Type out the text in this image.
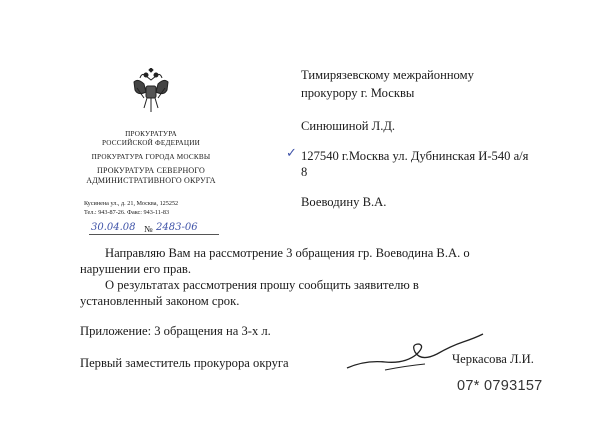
ПРОКУРАТУРА
РОССИЙСКОЙ ФЕДЕРАЦИИ
ПРОКУРАТУРА ГОРОДА МОСКВЫ
ПРОКУРАТУРА СЕВЕРНОГО
АДМИНИСТРАТИВНОГО ОКРУГА
Кусинена ул., д. 21, Москва, 125252
Тел.: 943-87-26. Факс: 943-11-83
30.04.08 № 2483-06
Тимирязевскому межрайонному
прокурору г. Москвы
Синюшиной Л.Д.
✓ 127540 г.Москва ул. Дубнинская И-540 а/я
8
Воеводину В.А.
Направляю Вам на рассмотрение 3 обращения гр. Воеводина В.А. о
нарушении его прав.
О результатах рассмотрения прошу сообщить заявителю в
установленный законом срок.
Приложение: 3 обращения на 3-х л.
Первый заместитель прокурора округа	Черкасова Л.И.
07* 0793157
